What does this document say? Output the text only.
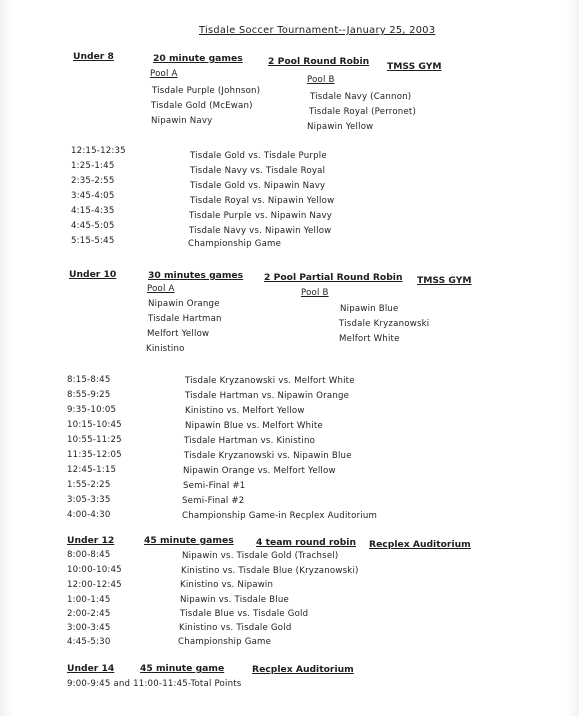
Tisdale Soccer Tournament--January 25, 2003
Under 8	20 minute games	2 Pool Round Robin TMSS GYM
Pool A
Tisdale Purple (Johnson)
Tisdale Gold (McEwan)
Nipawin Navy
Pool B
Tisdale Navy (Cannon)
Tisdale Royal (Perronet)
Nipawin Yellow
12:15-12:35	Tisdale Gold vs. Tisdale Purple
1:25-1:45	Tisdale Navy vs. Tisdale Royal
2:35-2:55	Tisdale Gold vs. Nipawin Navy
3:45-4:05	Tisdale Royal vs. Nipawin Yellow
4:15-4:35	Tisdale Purple vs. Nipawin Navy
4:45-5:05	Tisdale Navy vs. Nipawin Yellow
5:15-5:45	Championship Game
Under 10	30 minutes games 2 Pool Partial Round Robin TMSS GYM
Pool A
Nipawin Orange
Tisdale Hartman
Melfort Yellow
Kinistino
Pool B
Nipawin Blue
Tisdale Kryzanowski
Melfort White
8:15-8:45	Tisdale Kryzanowski vs. Melfort White
8:55-9:25	Tisdale Hartman vs. Nipawin Orange
9:35-10:05	Kinistino vs. Melfort Yellow
10:15-10:45	Nipawin Blue vs. Melfort White
10:55-11:25	Tisdale Hartman vs. Kinistino
11:35-12:05	Tisdale Kryzanowski vs. Nipawin Blue
12:45-1:15	Nipawin Orange vs. Melfort Yellow
1:55-2:25	Semi-Final #1
3:05-3:35	Semi-Final #2
4:00-4:30	Championship Game-in Recplex Auditorium
Under 12	45 minute games 4 team round robin Recplex Auditorium
8:00-8:45	Nipawin vs. Tisdale Gold (Trachsel)
10:00-10:45	Kinistino vs. Tisdale Blue (Kryzanowski)
12:00-12:45	Kinistino vs. Nipawin
1:00-1:45	Nipawin vs. Tisdale Blue
2:00-2:45	Tisdale Blue vs. Tisdale Gold
3:00-3:45	Kinistino vs. Tisdale Gold
4:45-5:30	Championship Game
Under 14	45 minute game	Recplex Auditorium
9:00-9:45 and 11:00-11:45-Total Points
